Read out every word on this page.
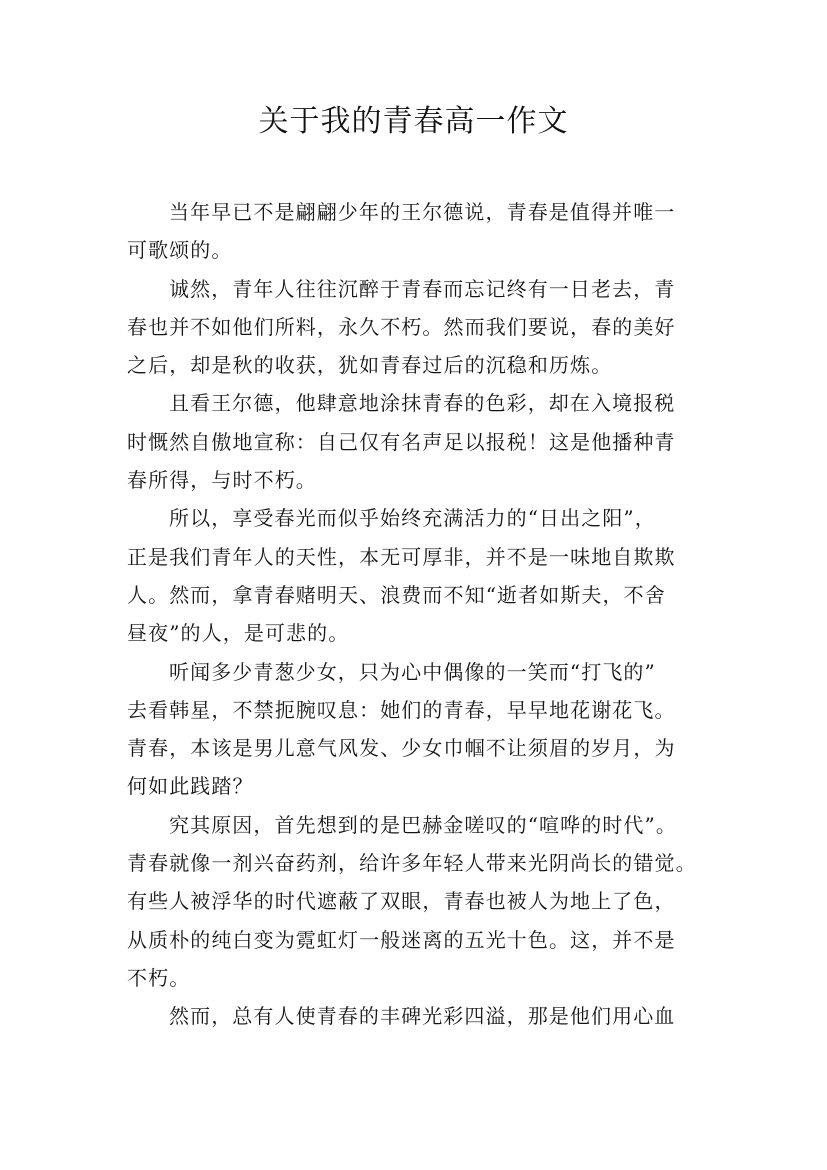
关于我的青春高一作文

当年早已不是翩翩少年的王尔德说，青春是值得并唯一
可歌颂的。

诚然，青年人往往沉醉于青春而忘记终有一日老去，青
春也并不如他们所料，永久不朽。然而我们要说，春的美好
之后，却是秋的收获，犹如青春过后的沉稳和历炼。

且看王尔德，他肆意地涂抹青春的色彩，却在入境报税
时慨然自傲地宣称：自己仅有名声足以报税！这是他播种青
春所得，与时不朽。

所以，享受春光而似乎始终充满活力的“日出之阳”，
正是我们青年人的天性，本无可厚非，并不是一味地自欺欺
人。然而，拿青春赌明天、浪费而不知“逝者如斯夫，不舍
昼夜”的人，是可悲的。

听闻多少青葱少女，只为心中偶像的一笑而“打飞的”
去看韩星，不禁扼腕叹息：她们的青春，早早地花谢花飞。
青春，本该是男儿意气风发、少女巾帼不让须眉的岁月，为
何如此践踏？

究其原因，首先想到的是巴赫金嗟叹的“喧哗的时代”。
青春就像一剂兴奋药剂，给许多年轻人带来光阴尚长的错觉。
有些人被浮华的时代遮蔽了双眼，青春也被人为地上了色，
从质朴的纯白变为霓虹灯一般迷离的五光十色。这，并不是
不朽。

然而，总有人使青春的丰碑光彩四溢，那是他们用心血
